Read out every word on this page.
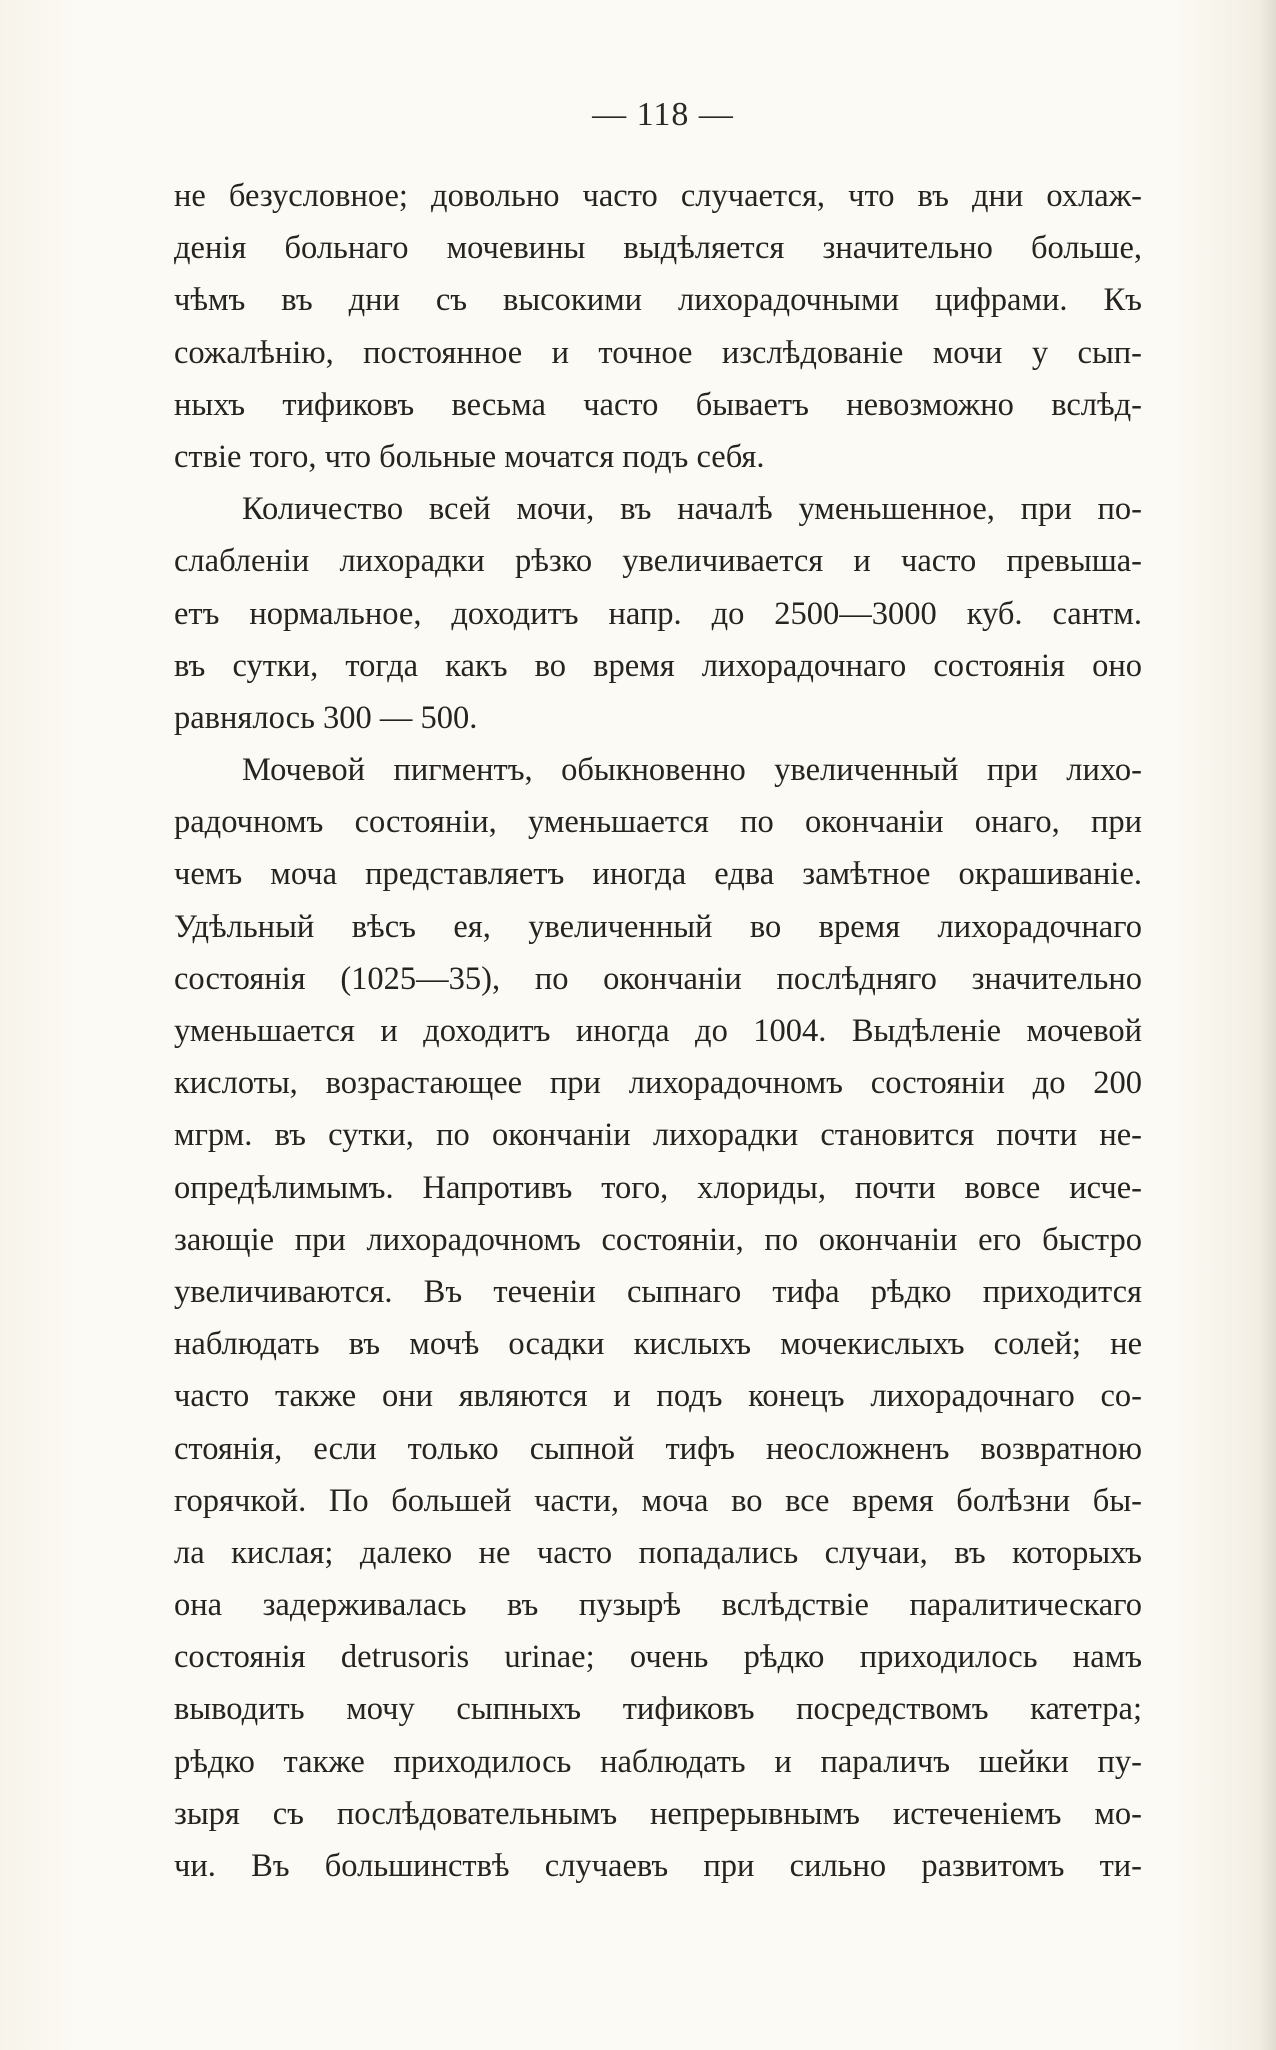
— 118 —
не безусловное; довольно часто случается, что въ дни охлаж-
денія больнаго мочевины выдѣляется значительно больше,
чѣмъ въ дни съ высокими лихорадочными цифрами. Къ
сожалѣнію, постоянное и точное изслѣдованіе мочи у сып-
ныхъ тификовъ весьма часто бываетъ невозможно вслѣд-
ствіе того, что больные мочатся подъ себя.
Количество всей мочи, въ началѣ уменьшенное, при по-
слабленіи лихорадки рѣзко увеличивается и часто превыша-
етъ нормальное, доходитъ напр. до 2500—3000 куб. сантм.
въ сутки, тогда какъ во время лихорадочнаго состоянія оно
равнялось 300 — 500.
Мочевой пигментъ, обыкновенно увеличенный при лихо-
радочномъ состояніи, уменьшается по окончаніи онаго, при
чемъ моча представляетъ иногда едва замѣтное окрашиваніе.
Удѣльный вѣсъ ея, увеличенный во время лихорадочнаго
состоянія (1025—35), по окончаніи послѣдняго значительно
уменьшается и доходитъ иногда до 1004. Выдѣленіе мочевой
кислоты, возрастающее при лихорадочномъ состояніи до 200
мгрм. въ сутки, по окончаніи лихорадки становится почти не-
опредѣлимымъ. Напротивъ того, хлориды, почти вовсе исче-
зающіе при лихорадочномъ состояніи, по окончаніи его быстро
увеличиваются. Въ теченіи сыпнаго тифа рѣдко приходится
наблюдать въ мочѣ осадки кислыхъ мочекислыхъ солей; не
часто также они являются и подъ конецъ лихорадочнаго со-
стоянія, если только сыпной тифъ неосложненъ возвратною
горячкой. По большей части, моча во все время болѣзни бы-
ла кислая; далеко не часто попадались случаи, въ которыхъ
она задерживалась въ пузырѣ вслѣдствіе паралитическаго
состоянія detrusoris urinae; очень рѣдко приходилось намъ
выводить мочу сыпныхъ тификовъ посредствомъ катетра;
рѣдко также приходилось наблюдать и параличъ шейки пу-
зыря съ послѣдовательнымъ непрерывнымъ истеченіемъ мо-
чи. Въ большинствѣ случаевъ при сильно развитомъ ти-
